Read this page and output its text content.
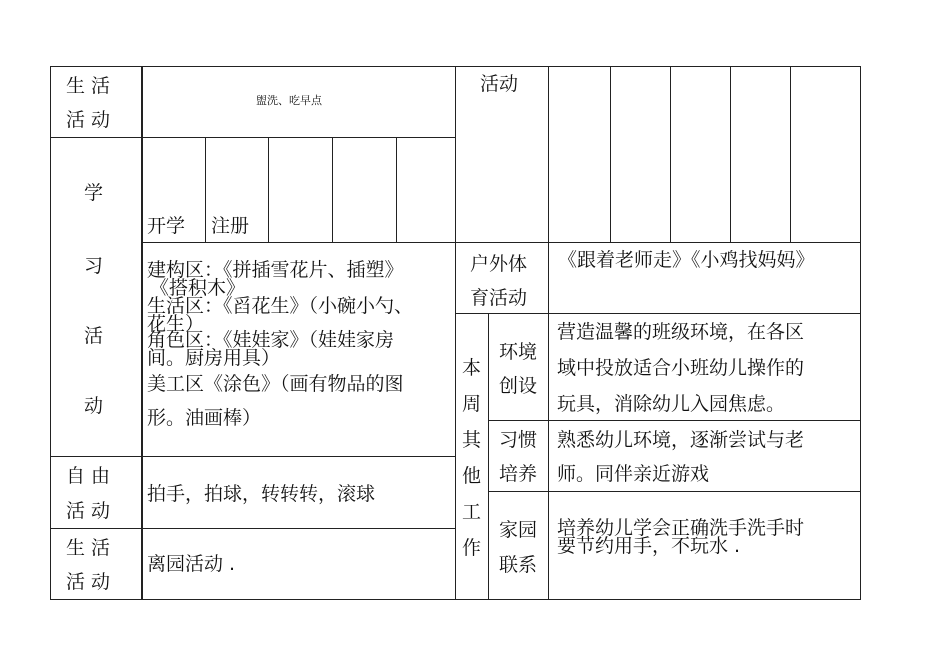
生 活
活 动
盥洗、吃早点
学
习
活
动
开学 注册
建构区：《拼插雪花片、插塑》
《搭积木》
生活区：《舀花生》（小碗小勺、
花生）
角色区：《娃娃家》（娃娃家房
间。厨房用具）
美工区《涂色》（画有物品的图
形。油画棒）
自 由
活 动
拍手，拍球，转转转，滚球
生 活
活 动
离园活动 .
活动
户外体
育活动
《跟着老师走》《小鸡找妈妈》
本
周
其
他
工
作
环境
创设
营造温馨的班级环境，在各区
域中投放适合小班幼儿操作的
玩具，消除幼儿入园焦虑。
习惯
培养
熟悉幼儿环境，逐渐尝试与老
师。同伴亲近游戏
家园
联系
培养幼儿学会正确洗手洗手时
要节约用手，不玩水 .
